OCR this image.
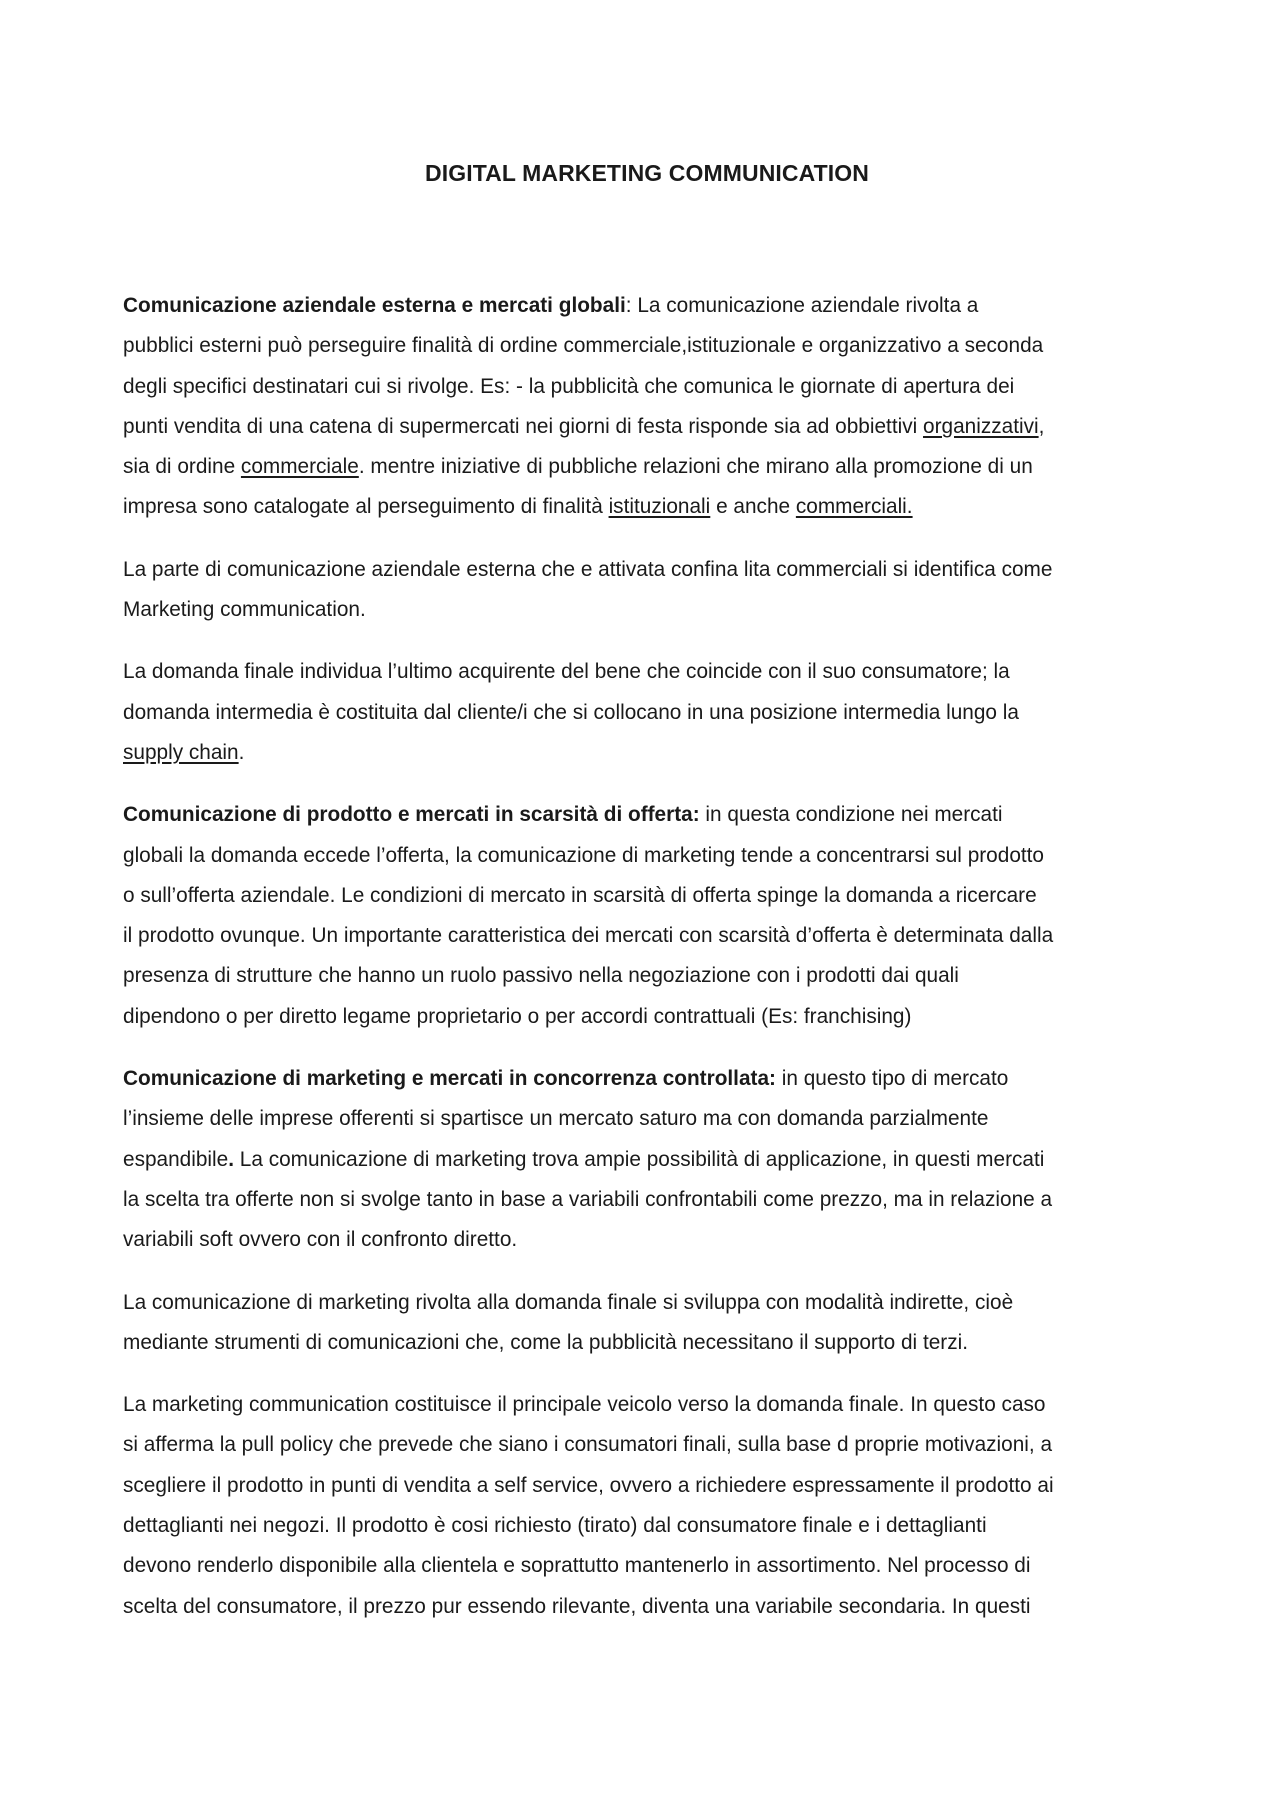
DIGITAL MARKETING COMMUNICATION

Comunicazione aziendale esterna e mercati globali: La comunicazione aziendale rivolta a
pubblici esterni può perseguire finalità di ordine commerciale,istituzionale e organizzativo a seconda
degli specifici destinatari cui si rivolge. Es: - la pubblicità che comunica le giornate di apertura dei
punti vendita di una catena di supermercati nei giorni di festa risponde sia ad obbiettivi organizzativi,
sia di ordine commerciale. mentre iniziative di pubbliche relazioni che mirano alla promozione di un
impresa sono catalogate al perseguimento di finalità istituzionali e anche commerciali.

La parte di comunicazione aziendale esterna che e attivata confina lita commerciali si identifica come
Marketing communication.

La domanda finale individua l’ultimo acquirente del bene che coincide con il suo consumatore; la
domanda intermedia è costituita dal cliente/i che si collocano in una posizione intermedia lungo la
supply chain.

Comunicazione di prodotto e mercati in scarsità di offerta: in questa condizione nei mercati
globali la domanda eccede l’offerta, la comunicazione di marketing tende a concentrarsi sul prodotto
o sull’offerta aziendale. Le condizioni di mercato in scarsità di offerta spinge la domanda a ricercare
il prodotto ovunque. Un importante caratteristica dei mercati con scarsità d’offerta è determinata dalla
presenza di strutture che hanno un ruolo passivo nella negoziazione con i prodotti dai quali
dipendono o per diretto legame proprietario o per accordi contrattuali (Es: franchising)

Comunicazione di marketing e mercati in concorrenza controllata: in questo tipo di mercato
l’insieme delle imprese offerenti si spartisce un mercato saturo ma con domanda parzialmente
espandibile. La comunicazione di marketing trova ampie possibilità di applicazione, in questi mercati
la scelta tra offerte non si svolge tanto in base a variabili confrontabili come prezzo, ma in relazione a
variabili soft ovvero con il confronto diretto.

La comunicazione di marketing rivolta alla domanda finale si sviluppa con modalità indirette, cioè
mediante strumenti di comunicazioni che, come la pubblicità necessitano il supporto di terzi.

La marketing communication costituisce il principale veicolo verso la domanda finale. In questo caso
si afferma la pull policy che prevede che siano i consumatori finali, sulla base d proprie motivazioni, a
scegliere il prodotto in punti di vendita a self service, ovvero a richiedere espressamente il prodotto ai
dettaglianti nei negozi. Il prodotto è cosi richiesto (tirato) dal consumatore finale e i dettaglianti
devono renderlo disponibile alla clientela e soprattutto mantenerlo in assortimento. Nel processo di
scelta del consumatore, il prezzo pur essendo rilevante, diventa una variabile secondaria. In questi
